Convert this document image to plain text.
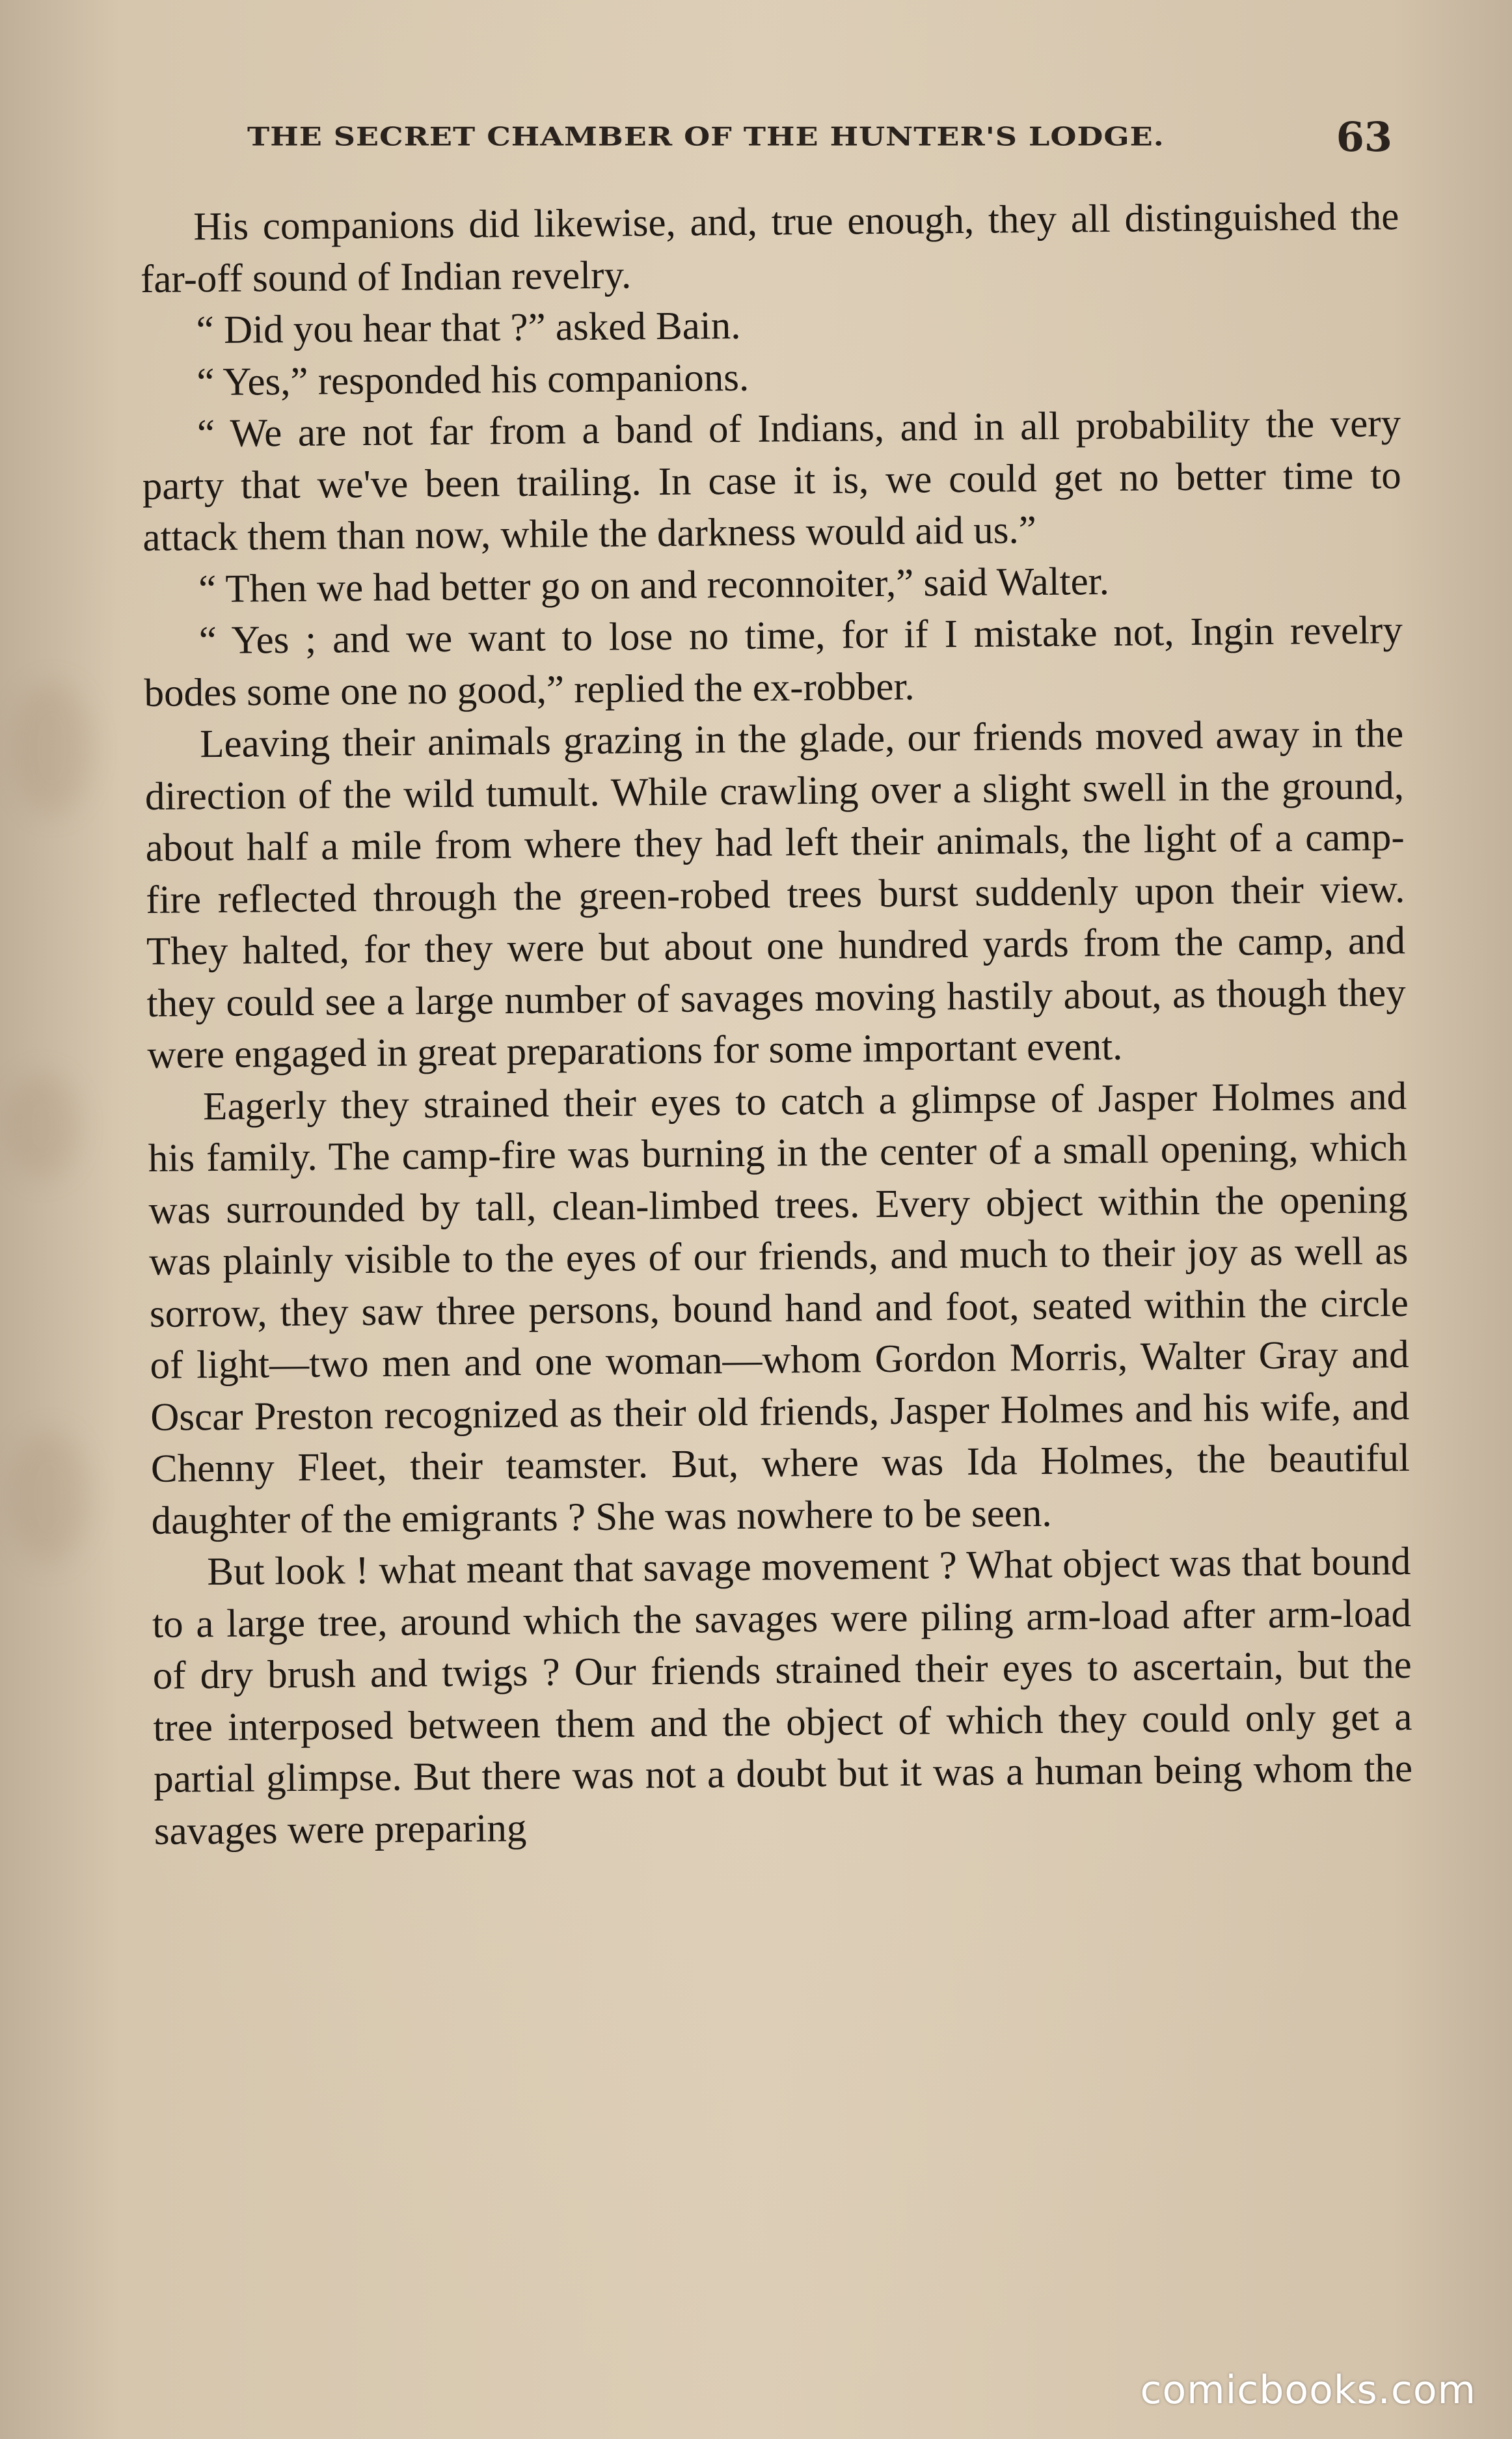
THE SECRET CHAMBER OF THE HUNTER'S LODGE.	63

His companions did likewise, and, true enough, they all distinguished the far-off sound of Indian revelry.

“ Did you hear that ?” asked Bain.

“ Yes,” responded his companions.

“ We are not far from a band of Indians, and in all probability the very party that we've been trailing. In case it is, we could get no better time to attack them than now, while the darkness would aid us.”

“ Then we had better go on and reconnoiter,” said Walter.

“ Yes ; and we want to lose no time, for if I mistake not, Ingin revelry bodes some one no good,” replied the ex-robber.

Leaving their animals grazing in the glade, our friends moved away in the direction of the wild tumult. While crawling over a slight swell in the ground, about half a mile from where they had left their animals, the light of a camp-fire reflected through the green-robed trees burst suddenly upon their view. They halted, for they were but about one hundred yards from the camp, and they could see a large number of savages moving hastily about, as though they were engaged in great preparations for some important event.

Eagerly they strained their eyes to catch a glimpse of Jasper Holmes and his family. The camp-fire was burning in the center of a small opening, which was surrounded by tall, clean-limbed trees. Every object within the opening was plainly visible to the eyes of our friends, and much to their joy as well as sorrow, they saw three persons, bound hand and foot, seated within the circle of light—two men and one woman—whom Gordon Morris, Walter Gray and Oscar Preston recognized as their old friends, Jasper Holmes and his wife, and Chenny Fleet, their teamster. But, where was Ida Holmes, the beautiful daughter of the emigrants ? She was nowhere to be seen.

But look ! what meant that savage movement ? What object was that bound to a large tree, around which the savages were piling arm-load after arm-load of dry brush and twigs ? Our friends strained their eyes to ascertain, but the tree interposed between them and the object of which they could only get a partial glimpse. But there was not a doubt but it was a human being whom the savages were preparing

comicbooks.com
